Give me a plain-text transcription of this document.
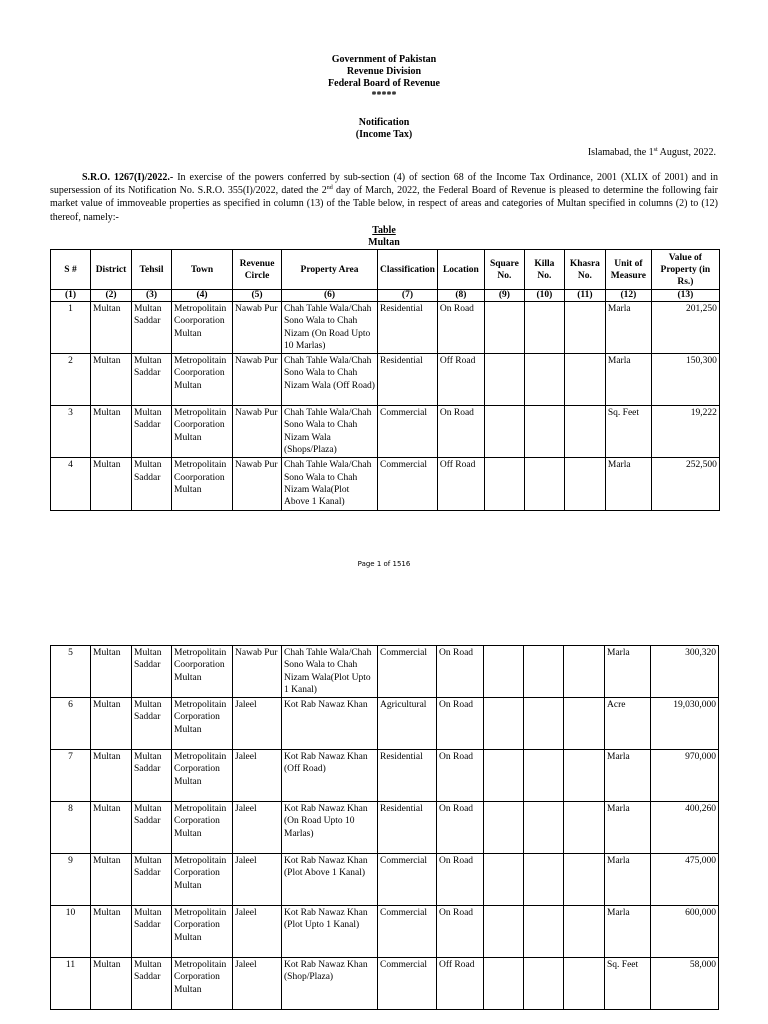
Government of Pakistan
Revenue Division
Federal Board of Revenue
*****
Notification
(Income Tax)
Islamabad, the 1st August, 2022.
S.R.O. 1267(I)/2022.- In exercise of the powers conferred by sub-section (4) of section 68 of the Income Tax Ordinance, 2001 (XLIX of 2001) and in supersession of its Notification No. S.R.O. 355(I)/2022, dated the 2nd day of March, 2022, the Federal Board of Revenue is pleased to determine the following fair market value of immoveable properties as specified in column (13) of the Table below, in respect of areas and categories of Multan specified in columns (2) to (12) thereof, namely:-
Table
Multan
S #	District	Tehsil	Town	Revenue Circle	Property Area	Classification	Location	Square No.	Killa No.	Khasra No.	Unit of Measure	Value of Property (in Rs.)
(1)	(2)	(3)	(4)	(5)	(6)	(7)	(8)	(9)	(10)	(11)	(12)	(13)
1	Multan	Multan Saddar	Metropolitain Coorporation Multan	Nawab Pur	Chah Tahle Wala/Chah Sono Wala to Chah Nizam (On Road Upto 10 Marlas)	Residential	On Road				Marla	201,250
2	Multan	Multan Saddar	Metropolitain Coorporation Multan	Nawab Pur	Chah Tahle Wala/Chah Sono Wala to Chah Nizam Wala (Off Road)	Residential	Off Road				Marla	150,300
3	Multan	Multan Saddar	Metropolitain Coorporation Multan	Nawab Pur	Chah Tahle Wala/Chah Sono Wala to Chah Nizam Wala (Shops/Plaza)	Commercial	On Road				Sq. Feet	19,222
4	Multan	Multan Saddar	Metropolitain Coorporation Multan	Nawab Pur	Chah Tahle Wala/Chah Sono Wala to Chah Nizam Wala(Plot Above 1 Kanal)	Commercial	Off Road				Marla	252,500
Page 1 of 1516
5	Multan	Multan Saddar	Metropolitain Coorporation Multan	Nawab Pur	Chah Tahle Wala/Chah Sono Wala to Chah Nizam Wala(Plot Upto 1 Kanal)	Commercial	On Road				Marla	300,320
6	Multan	Multan Saddar	Metropolitain Corporation Multan	Jaleel	Kot Rab Nawaz Khan	Agricultural	On Road				Acre	19,030,000
7	Multan	Multan Saddar	Metropolitain Corporation Multan	Jaleel	Kot Rab Nawaz Khan (Off Road)	Residential	On Road				Marla	970,000
8	Multan	Multan Saddar	Metropolitain Corporation Multan	Jaleel	Kot Rab Nawaz Khan (On Road Upto 10 Marlas)	Residential	On Road				Marla	400,260
9	Multan	Multan Saddar	Metropolitain Corporation Multan	Jaleel	Kot Rab Nawaz Khan (Plot Above 1 Kanal)	Commercial	On Road				Marla	475,000
10	Multan	Multan Saddar	Metropolitain Corporation Multan	Jaleel	Kot Rab Nawaz Khan (Plot Upto 1 Kanal)	Commercial	On Road				Marla	600,000
11	Multan	Multan Saddar	Metropolitain Corporation Multan	Jaleel	Kot Rab Nawaz Khan (Shop/Plaza)	Commercial	Off Road				Sq. Feet	58,000
